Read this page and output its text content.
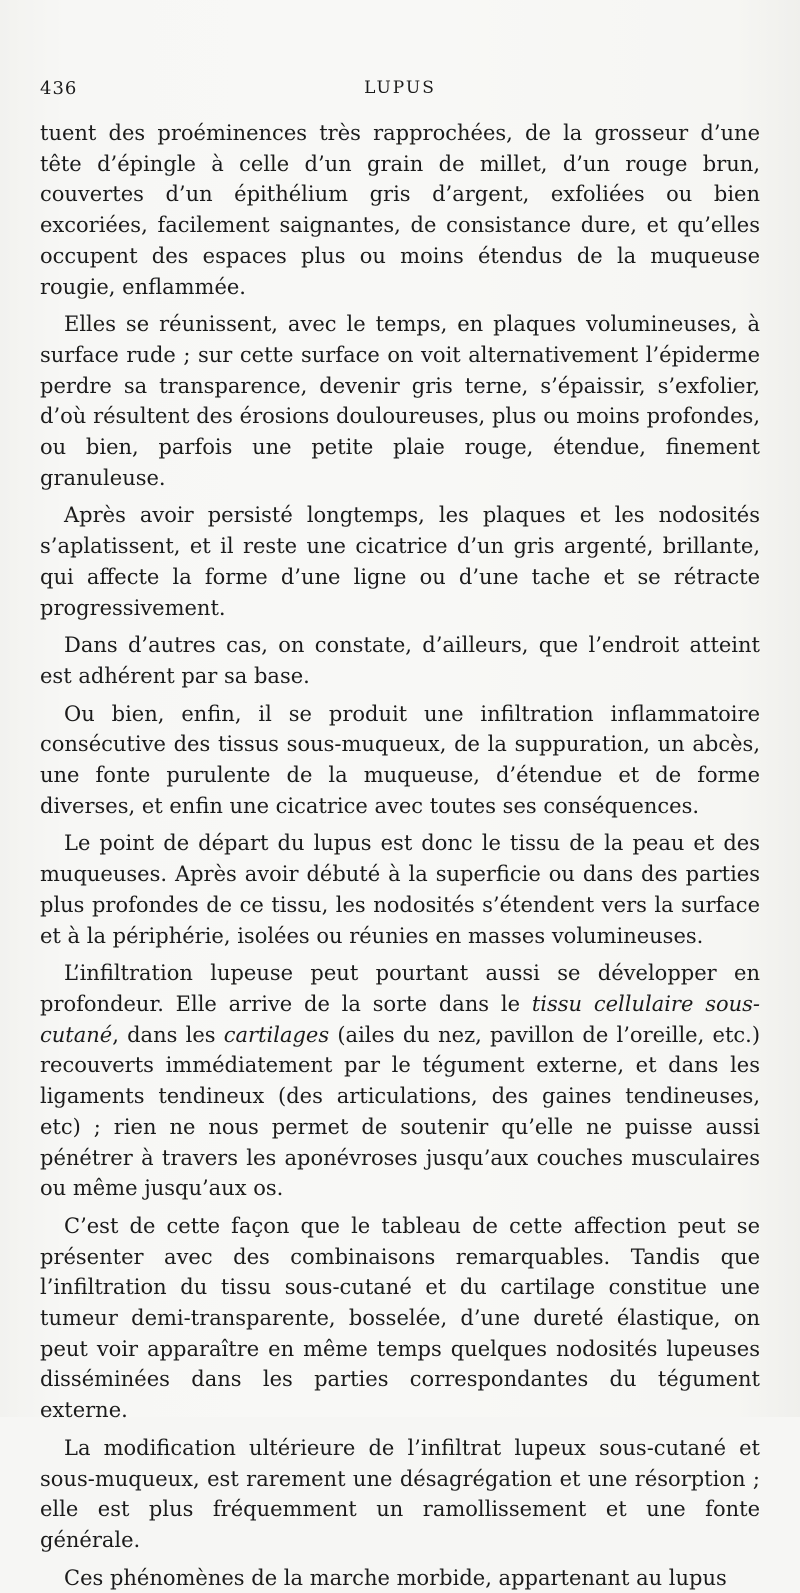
436	LUPUS

tuent des proéminences très rapprochées, de la grosseur d’une tête d’épingle à celle d’un grain de millet, d’un rouge brun, couvertes d’un épithélium gris d’argent, exfoliées ou bien excoriées, facilement saignantes, de consistance dure, et qu’elles occupent des espaces plus ou moins étendus de la muqueuse rougie, enflammée.

Elles se réunissent, avec le temps, en plaques volumineuses, à surface rude ; sur cette surface on voit alternativement l’épiderme perdre sa transparence, devenir gris terne, s’épaissir, s’exfolier, d’où résultent des érosions douloureuses, plus ou moins profondes, ou bien, parfois une petite plaie rouge, étendue, finement granuleuse.

Après avoir persisté longtemps, les plaques et les nodosités s’aplatissent, et il reste une cicatrice d’un gris argenté, brillante, qui affecte la forme d’une ligne ou d’une tache et se rétracte progressivement.

Dans d’autres cas, on constate, d’ailleurs, que l’endroit atteint est adhérent par sa base.

Ou bien, enfin, il se produit une infiltration inflammatoire consécutive des tissus sous-muqueux, de la suppuration, un abcès, une fonte purulente de la muqueuse, d’étendue et de forme diverses, et enfin une cicatrice avec toutes ses conséquences.

Le point de départ du lupus est donc le tissu de la peau et des muqueuses. Après avoir débuté à la superficie ou dans des parties plus profondes de ce tissu, les nodosités s’étendent vers la surface et à la périphérie, isolées ou réunies en masses volumineuses.

L’infiltration lupeuse peut pourtant aussi se développer en profondeur. Elle arrive de la sorte dans le tissu cellulaire sous-cutané, dans les cartilages (ailes du nez, pavillon de l’oreille, etc.) recouverts immédiatement par le tégument externe, et dans les ligaments tendineux (des articulations, des gaines tendineuses, etc) ; rien ne nous permet de soutenir qu’elle ne puisse aussi pénétrer à travers les aponévroses jusqu’aux couches musculaires ou même jusqu’aux os.

C’est de cette façon que le tableau de cette affection peut se présenter avec des combinaisons remarquables. Tandis que l’infiltration du tissu sous-cutané et du cartilage constitue une tumeur demi-transparente, bosselée, d’une dureté élastique, on peut voir apparaître en même temps quelques nodosités lupeuses disséminées dans les parties correspondantes du tégument externe.

La modification ultérieure de l’infiltrat lupeux sous-cutané et sous-muqueux, est rarement une désagrégation et une résorption ; elle est plus fréquemment un ramollissement et une fonte générale.

Ces phénomènes de la marche morbide, appartenant au lupus
